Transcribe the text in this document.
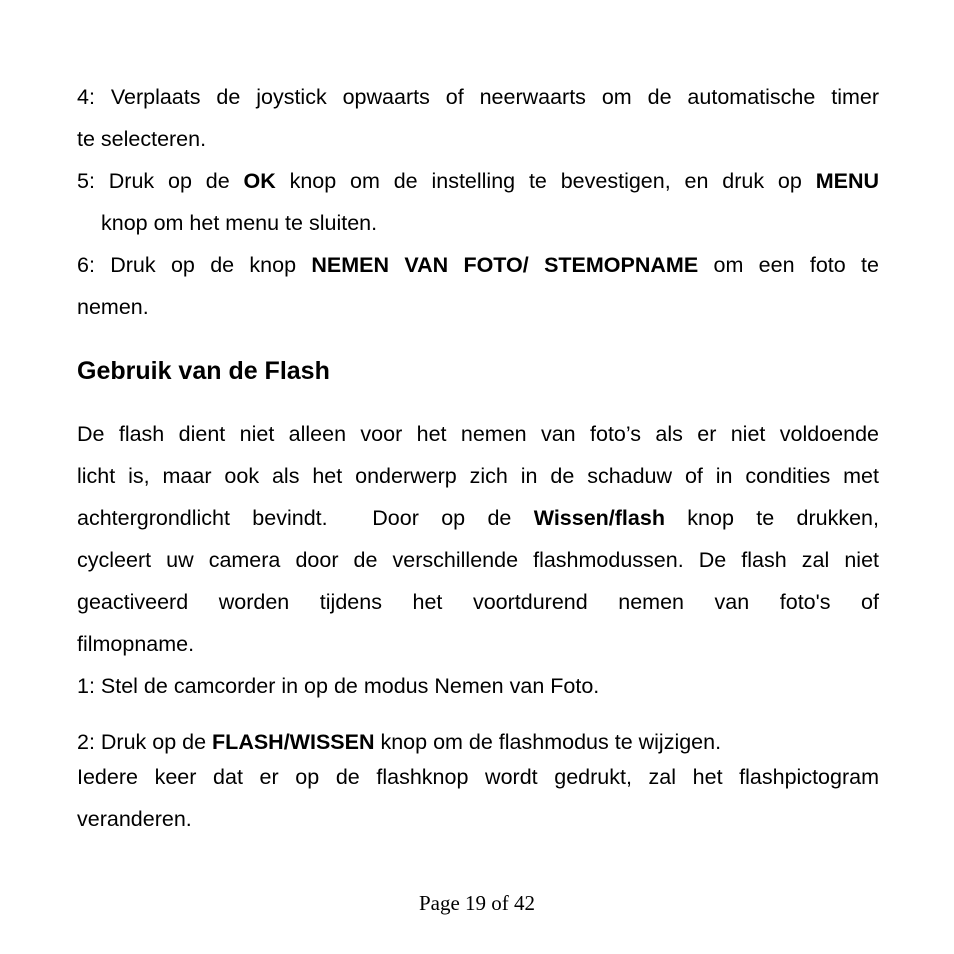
4: Verplaats de joystick opwaarts of neerwaarts om de automatische timer
te selecteren.
5: Druk op de OK knop om de instelling te bevestigen, en druk op MENU
knop om het menu te sluiten.
6: Druk op de knop NEMEN VAN FOTO/ STEMOPNAME om een foto te
nemen.
Gebruik van de Flash
De flash dient niet alleen voor het nemen van foto’s als er niet voldoende
licht is, maar ook als het onderwerp zich in de schaduw of in condities met
achtergrondlicht bevindt.  Door op de Wissen/flash knop te drukken,
cycleert uw camera door de verschillende flashmodussen. De flash zal niet
geactiveerd worden tijdens het voortdurend nemen van foto's of
filmopname.
1: Stel de camcorder in op de modus Nemen van Foto.
2: Druk op de FLASH/WISSEN knop om de flashmodus te wijzigen.
Iedere keer dat er op de flashknop wordt gedrukt, zal het flashpictogram
veranderen.
Page 19 of 42
